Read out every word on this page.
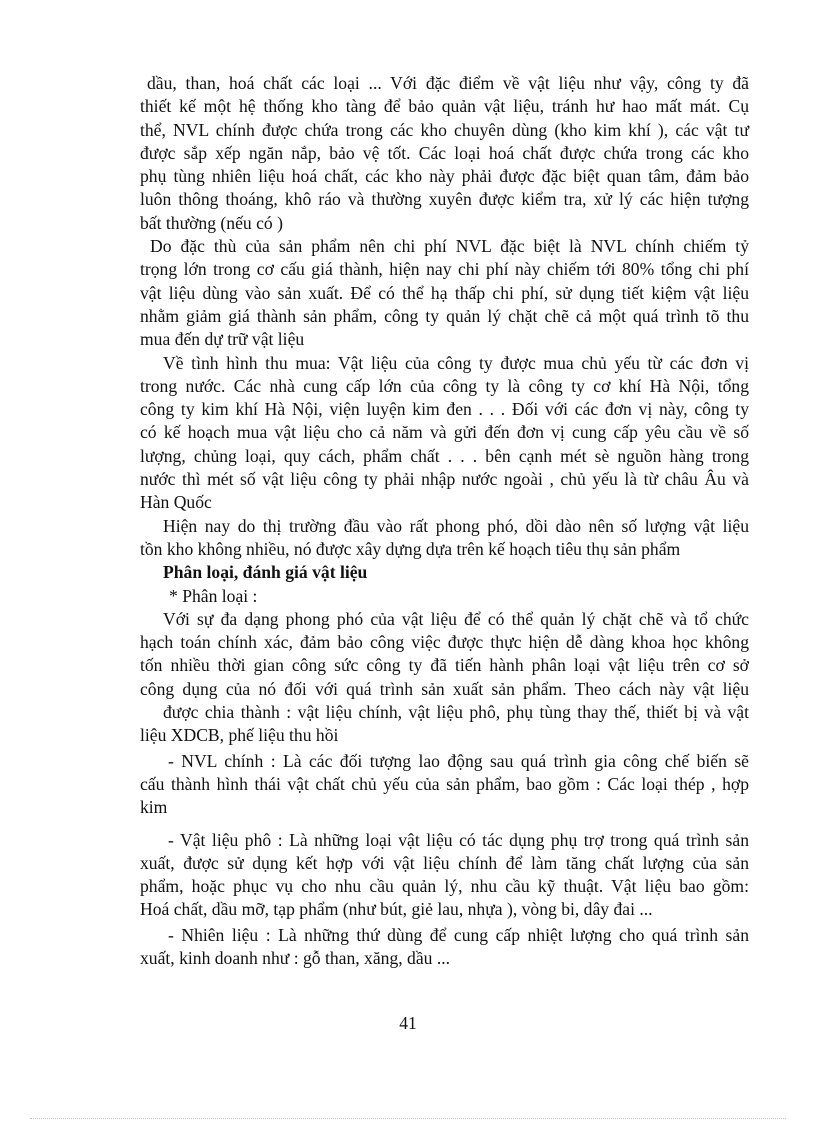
dầu, than, hoá chất các loại ... Với đặc điểm về vật liệu như vậy, công ty đã
thiết kế một hệ thống kho tàng để bảo quản vật liệu, tránh hư hao mất mát. Cụ
thể, NVL chính được chứa trong các kho chuyên dùng (kho kim khí ), các vật tư
được sắp xếp ngăn nắp, bảo vệ tốt. Các loại hoá chất được chứa trong các kho
phụ tùng nhiên liệu hoá chất, các kho này phải được đặc biệt quan tâm, đảm bảo
luôn thông thoáng, khô ráo và thường xuyên được kiểm tra, xử lý các hiện tượng
bất thường (nếu có )
Do đặc thù của sản phẩm nên chi phí NVL đặc biệt là NVL chính chiếm tỷ
trọng lớn trong cơ cấu giá thành, hiện nay chi phí này chiếm tới 80% tổng chi phí
vật liệu dùng vào sản xuất. Để có thể hạ thấp chi phí, sử dụng tiết kiệm vật liệu
nhằm giảm giá thành sản phẩm, công ty quản lý chặt chẽ cả một quá trình tõ thu
mua đến dự trữ vật liệu
Về tình hình thu mua: Vật liệu của công ty được mua chủ yếu từ các đơn vị
trong nước. Các nhà cung cấp lớn của công ty là công ty cơ khí Hà Nội, tổng
công ty kim khí Hà Nội, viện luyện kim đen . . . Đối với các đơn vị này, công ty
có kế hoạch mua vật liệu cho cả năm và gửi đến đơn vị cung cấp yêu cầu về số
lượng, chủng loại, quy cách, phẩm chất . . . bên cạnh mét sè nguồn hàng trong
nước thì mét số vật liệu công ty phải nhập nước ngoài , chủ yếu là từ châu Âu và
Hàn Quốc
Hiện nay do thị trường đầu vào rất phong phó, dồi dào nên số lượng vật liệu
tồn kho không nhiều, nó được xây dựng dựa trên kế hoạch tiêu thụ sản phẩm
Phân loại, đánh giá vật liệu
* Phân loại :
Với sự đa dạng phong phó của vật liệu để có thể quản lý chặt chẽ và tổ chức
hạch toán chính xác, đảm bảo công việc được thực hiện dễ dàng khoa học không
tốn nhiều thời gian công sức công ty đã tiến hành phân loại vật liệu trên cơ sở
công dụng của nó đối với quá trình sản xuất sản phẩm. Theo cách này vật liệu
được chia thành : vật liệu chính, vật liệu phô, phụ tùng thay thế, thiết bị và vật
liệu XDCB, phế liệu thu hồi
- NVL chính : Là các đối tượng lao động sau quá trình gia công chế biến sẽ
cấu thành hình thái vật chất chủ yếu của sản phẩm, bao gồm : Các loại thép , hợp
kim
- Vật liệu phô : Là những loại vật liệu có tác dụng phụ trợ trong quá trình sản
xuất, được sử dụng kết hợp với vật liệu chính để làm tăng chất lượng của sản
phẩm, hoặc phục vụ cho nhu cầu quản lý, nhu cầu kỹ thuật. Vật liệu bao gồm:
Hoá chất, dầu mỡ, tạp phẩm (như bút, giẻ lau, nhựa ), vòng bi, dây đai ...
- Nhiên liệu : Là những thứ dùng để cung cấp nhiệt lượng cho quá trình sản
xuất, kinh doanh như : gỗ than, xăng, dầu ...
41
